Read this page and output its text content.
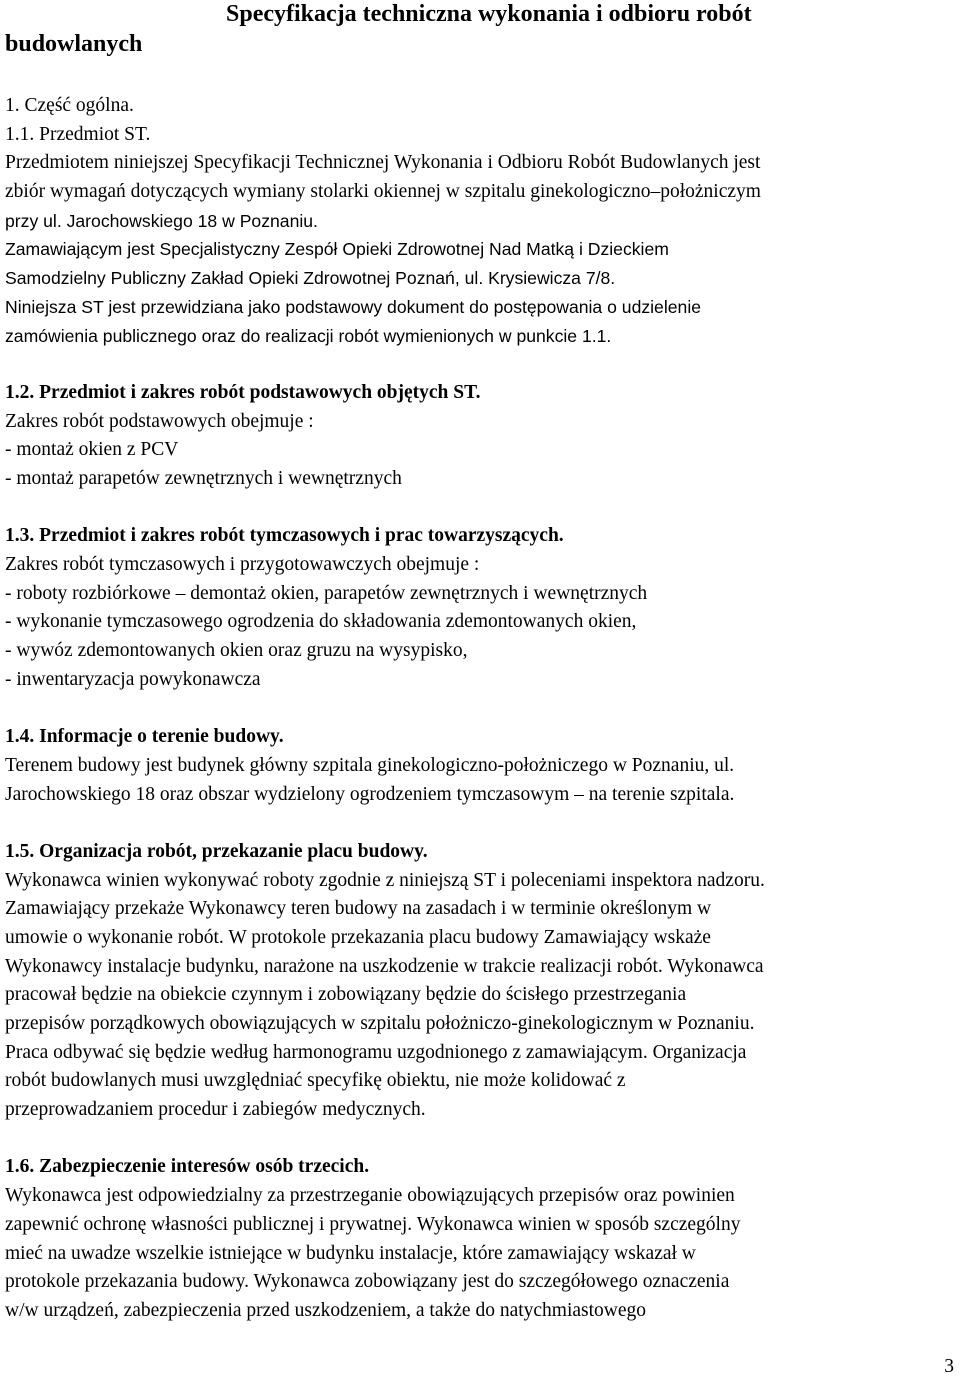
Specyfikacja techniczna wykonania i odbioru robót
budowlanych
1. Część ogólna.
1.1. Przedmiot ST.
Przedmiotem niniejszej Specyfikacji Technicznej Wykonania i Odbioru Robót Budowlanych jest
zbiór wymagań dotyczących wymiany stolarki okiennej w szpitalu ginekologiczno–położniczym
przy ul. Jarochowskiego 18 w Poznaniu.
Zamawiającym jest Specjalistyczny Zespół Opieki Zdrowotnej Nad Matką i Dzieckiem
Samodzielny Publiczny Zakład Opieki Zdrowotnej Poznań, ul. Krysiewicza 7/8.
Niniejsza ST jest przewidziana jako podstawowy dokument do postępowania o udzielenie
zamówienia publicznego oraz do realizacji robót wymienionych w punkcie 1.1.
1.2. Przedmiot i zakres robót podstawowych objętych ST.
Zakres robót podstawowych obejmuje :
- montaż okien z PCV
- montaż parapetów zewnętrznych i wewnętrznych
1.3. Przedmiot i zakres robót tymczasowych i prac towarzyszących.
Zakres robót tymczasowych i przygotowawczych obejmuje :
- roboty rozbiórkowe – demontaż okien, parapetów zewnętrznych i wewnętrznych
- wykonanie tymczasowego ogrodzenia do składowania zdemontowanych okien,
- wywóz zdemontowanych okien oraz gruzu na wysypisko,
- inwentaryzacja powykonawcza
1.4. Informacje o terenie budowy.
Terenem budowy jest budynek główny szpitala ginekologiczno-położniczego w Poznaniu, ul.
Jarochowskiego 18 oraz obszar wydzielony ogrodzeniem tymczasowym – na terenie szpitala.
1.5. Organizacja robót, przekazanie placu budowy.
Wykonawca winien wykonywać roboty zgodnie z niniejszą ST i poleceniami inspektora nadzoru.
Zamawiający przekaże Wykonawcy teren budowy na zasadach i w terminie określonym w
umowie o wykonanie robót. W protokole przekazania placu budowy Zamawiający wskaże
Wykonawcy instalacje budynku, narażone na uszkodzenie w trakcie realizacji robót. Wykonawca
pracował będzie na obiekcie czynnym i zobowiązany będzie do ścisłego przestrzegania
przepisów porządkowych obowiązujących w szpitalu położniczo-ginekologicznym w Poznaniu.
Praca odbywać się będzie według harmonogramu uzgodnionego z zamawiającym. Organizacja
robót budowlanych musi uwzględniać specyfikę obiektu, nie może kolidować z
przeprowadzaniem procedur i zabiegów medycznych.
1.6. Zabezpieczenie interesów osób trzecich.
Wykonawca jest odpowiedzialny za przestrzeganie obowiązujących przepisów oraz powinien
zapewnić ochronę własności publicznej i prywatnej. Wykonawca winien w sposób szczególny
mieć na uwadze wszelkie istniejące w budynku instalacje, które zamawiający wskazał w
protokole przekazania budowy. Wykonawca zobowiązany jest do szczegółowego oznaczenia
w/w urządzeń, zabezpieczenia przed uszkodzeniem, a także do natychmiastowego
3
